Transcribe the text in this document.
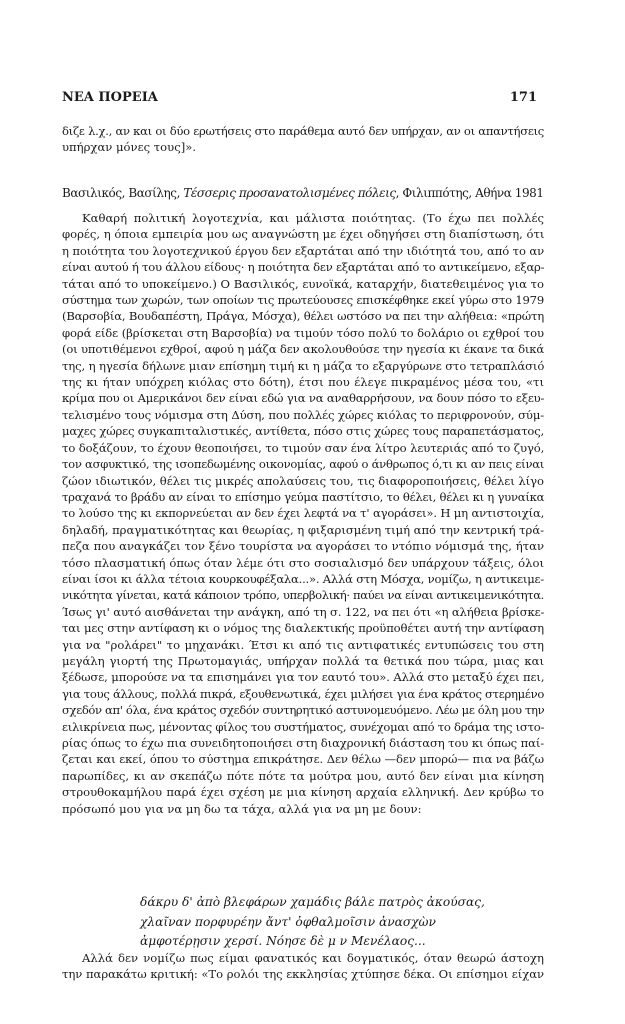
ΝΕΑ ΠΟΡΕΙΑ	171
διζε λ.χ., αν και οι δύο ερωτήσεις στο παράθεμα αυτό δεν υπήρχαν, αν οι απαντήσεις
υπήρχαν μόνες τους]».
Βασιλικός, Βασίλης, Τέσσερις προσανατολισμένες πόλεις, Φιλιππότης, Αθήνα 1981
Καθαρή πολιτική λογοτεχνία, και μάλιστα ποιότητας. (Το έχω πει πολλές
φορές, η όποια εμπειρία μου ως αναγνώστη με έχει οδηγήσει στη διαπίστωση, ότι
η ποιότητα του λογοτεχνικού έργου δεν εξαρτάται από την ιδιότητά του, από το αν
είναι αυτού ή του άλλου είδους· η ποιότητα δεν εξαρτάται από το αντικείμενο, εξαρ-
τάται από το υποκείμενο.) Ο Βασιλικός, ευνοϊκά, καταρχήν, διατεθειμένος για το
σύστημα των χωρών, των οποίων τις πρωτεύουσες επισκέφθηκε εκεί γύρω στο 1979
(Βαρσοβία, Βουδαπέστη, Πράγα, Μόσχα), θέλει ωστόσο να πει την αλήθεια: «πρώτη
φορά είδε (βρίσκεται στη Βαρσοβία) να τιμούν τόσο πολύ το δολάριο οι εχθροί του
(οι υποτιθέμενοι εχθροί, αφού η μάζα δεν ακολουθούσε την ηγεσία κι έκανε τα δικά
της, η ηγεσία δήλωνε μιαν επίσημη τιμή κι η μάζα το εξαργύρωνε στο τετραπλάσιό
της κι ήταν υπόχρεη κιόλας στο δότη), έτσι που έλεγε πικραμένος μέσα του, «τι
κρίμα που οι Αμερικάνοι δεν είναι εδώ για να αναθαρρήσουν, να δουν πόσο το εξευ-
τελισμένο τους νόμισμα στη Δύση, που πολλές χώρες κιόλας το περιφρονούν, σύμ-
μαχες χώρες συγκαπιταλιστικές, αντίθετα, πόσο στις χώρες τους παραπετάσματος,
το δοξάζουν, το έχουν θεοποιήσει, το τιμούν σαν ένα λίτρο λευτεριάς από το ζυγό,
τον ασφυκτικό, της ισοπεδωμένης οικονομίας, αφού ο άνθρωπος ό,τι κι αν πεις είναι
ζώον ιδιωτικόν, θέλει τις μικρές απολαύσεις του, τις διαφοροποιήσεις, θέλει λίγο
τραχανά το βράδυ αν είναι το επίσημο γεύμα παστίτσιο, το θέλει, θέλει κι η γυναίκα
το λούσο της κι εκπορνεύεται αν δεν έχει λεφτά να τ' αγοράσει». Η μη αντιστοιχία,
δηλαδή, πραγματικότητας και θεωρίας, η φιξαρισμένη τιμή από την κεντρική τρά-
πεζα που αναγκάζει τον ξένο τουρίστα να αγοράσει το ντόπιο νόμισμά της, ήταν
τόσο πλασματική όπως όταν λέμε ότι στο σοσιαλισμό δεν υπάρχουν τάξεις, όλοι
είναι ίσοι κι άλλα τέτοια κουρκουφέξαλα...». Αλλά στη Μόσχα, νομίζω, η αντικειμε-
νικότητα γίνεται, κατά κάποιον τρόπο, υπερβολική· παύει να είναι αντικειμενικότητα.
Ίσως γι' αυτό αισθάνεται την ανάγκη, από τη σ. 122, να πει ότι «η αλήθεια βρίσκε-
ται μες στην αντίφαση κι ο νόμος της διαλεκτικής προϋποθέτει αυτή την αντίφαση
για να "ρολάρει" το μηχανάκι. Έτσι κι από τις αντιφατικές εντυπώσεις του στη
μεγάλη γιορτή της Πρωτομαγιάς, υπήρχαν πολλά τα θετικά που τώρα, μιας και
ξέδωσε, μπορούσε να τα επισημάνει για τον εαυτό του». Αλλά στο μεταξύ έχει πει,
για τους άλλους, πολλά πικρά, εξουθενωτικά, έχει μιλήσει για ένα κράτος στερημένο
σχεδόν απ' όλα, ένα κράτος σχεδόν συντηρητικό αστυνομευόμενο. Λέω με όλη μου την
ειλικρίνεια πως, μένοντας φίλος του συστήματος, συνέχομαι από το δράμα της ιστο-
ρίας όπως το έχω πια συνειδητοποιήσει στη διαχρονική διάσταση του κι όπως παί-
ζεται και εκεί, όπου το σύστημα επικράτησε. Δεν θέλω —δεν μπορώ— πια να βάζω
παρωπίδες, κι αν σκεπάζω πότε πότε τα μούτρα μου, αυτό δεν είναι μια κίνηση
στρουθοκαμήλου παρά έχει σχέση με μια κίνηση αρχαία ελληνική. Δεν κρύβω το
πρόσωπό μου για να μη δω τα τάχα, αλλά για να μη με δουν:
δάκρυ δ' ἀπὸ βλεφάρων χαμάδις βάλε πατρὸς ἀκούσας,
χλαῖναν πορφυρέην ἄντ' ὀφθαλμοῖσιν ἀνασχὼν
ἀμφοτέρῃσιν χερσί. Νόησε δὲ μ ν Μενέλαος...
Αλλά δεν νομίζω πως είμαι φανατικός και δογματικός, όταν θεωρώ άστοχη
την παρακάτω κριτική: «Το ρολόι της εκκλησίας χτύπησε δέκα. Οι επίσημοι είχαν
